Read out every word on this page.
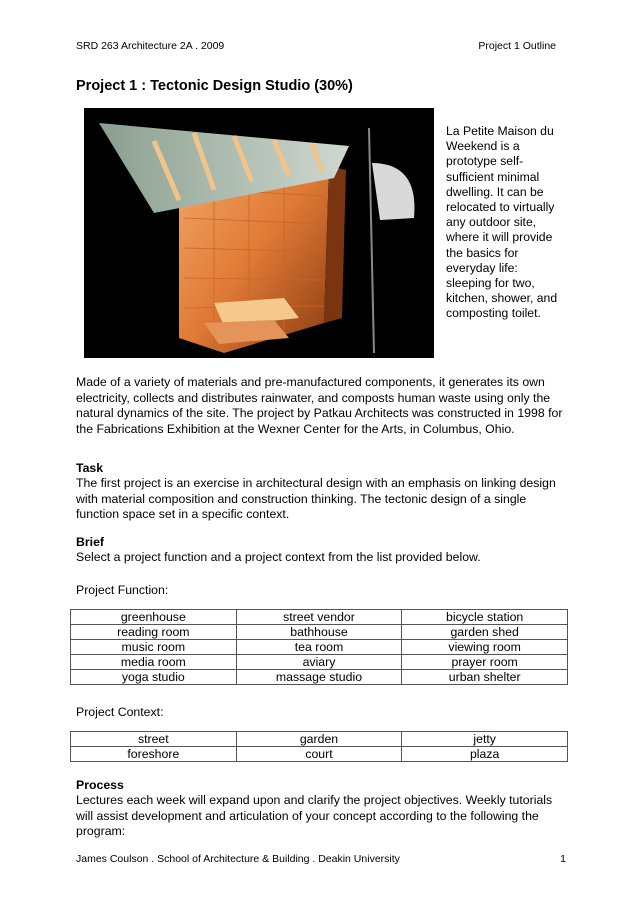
SRD 263 Architecture 2A . 2009	Project 1 Outline
Project 1 : Tectonic Design Studio (30%)
La Petite Maison du Weekend is a prototype self-sufficient minimal dwelling. It can be relocated to virtually any outdoor site, where it will provide the basics for everyday life: sleeping for two, kitchen, shower, and composting toilet.

Made of a variety of materials and pre-manufactured components, it generates its own electricity, collects and distributes rainwater, and composts human waste using only the natural dynamics of the site. The project by Patkau Architects was constructed in 1998 for the Fabrications Exhibition at the Wexner Center for the Arts, in Columbus, Ohio.

Task

The first project is an exercise in architectural design with an emphasis on linking design with material composition and construction thinking. The tectonic design of a single function space set in a specific context.

Brief

Select a project function and a project context from the list provided below.

Project Function:
greenhouse	street vendor	bicycle station
reading room	bathhouse	garden shed
music room	tea room	viewing room
media room	aviary	prayer room
yoga studio	massage studio	urban shelter
Project Context:
street	garden	jetty
foreshore	court	plaza
Process

Lectures each week will expand upon and clarify the project objectives. Weekly tutorials will assist development and articulation of your concept according to the following the program:

James Coulson . School of Architecture & Building . Deakin University	1
